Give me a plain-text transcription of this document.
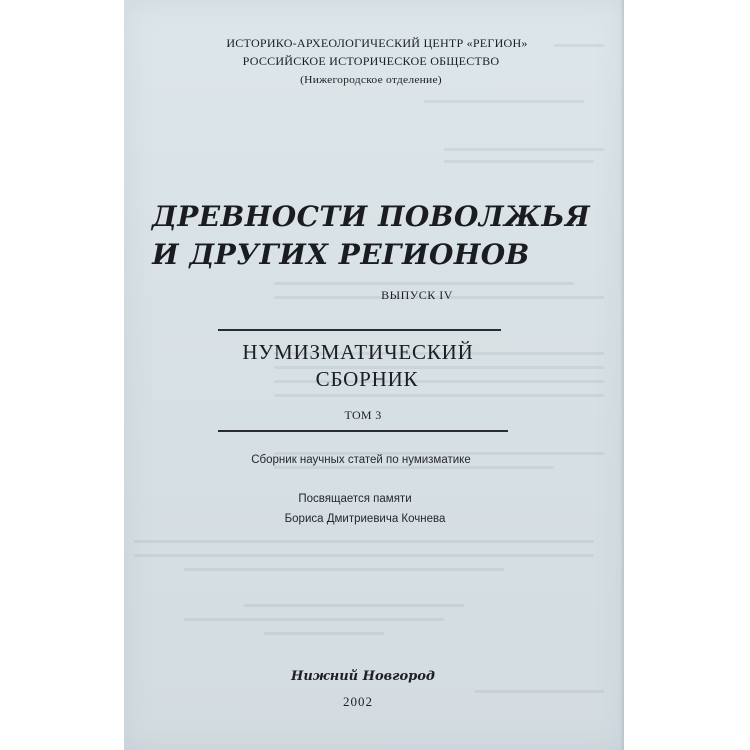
ИСТОРИКО-АРХЕОЛОГИЧЕСКИЙ ЦЕНТР «РЕГИОН»
РОССИЙСКОЕ ИСТОРИЧЕСКОЕ ОБЩЕСТВО
(Нижегородское отделение)
ДРЕВНОСТИ ПОВОЛЖЬЯ
И ДРУГИХ РЕГИОНОВ
ВЫПУСК IV
НУМИЗМАТИЧЕСКИЙ
СБОРНИК
ТОМ 3
Сборник научных статей по нумизматике
Посвящается памяти
Бориса Дмитриевича Кочнева
Нижний Новгород
2002
